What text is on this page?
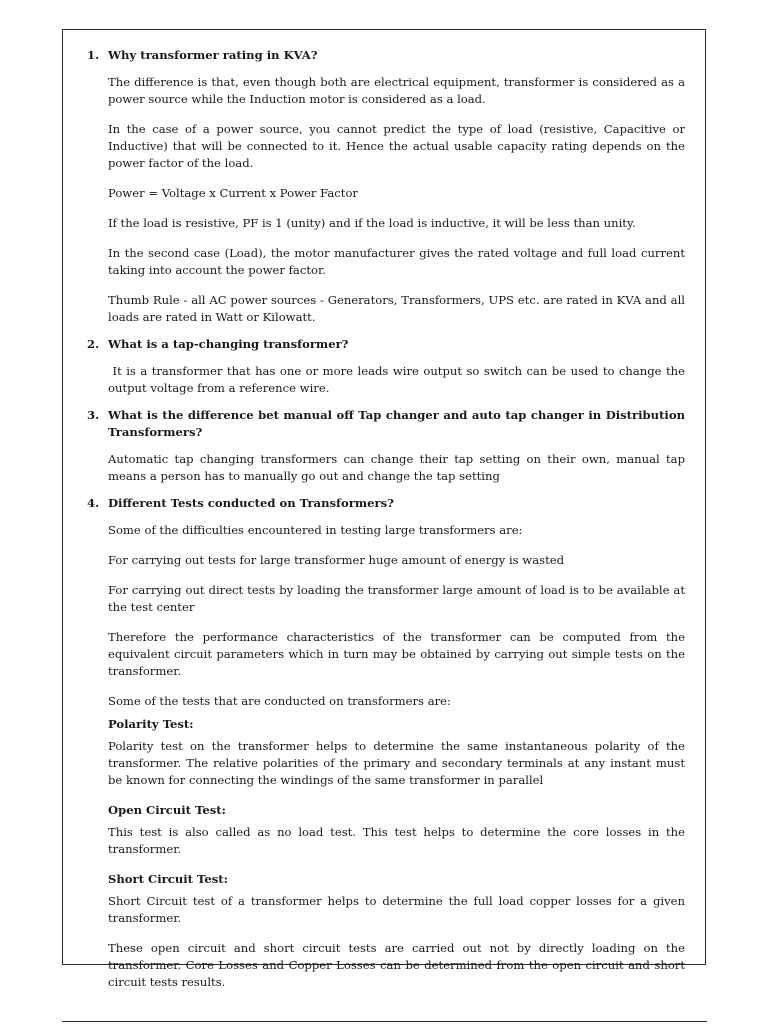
1. Why transformer rating in KVA?

The difference is that, even though both are electrical equipment, transformer is considered as a power source while the Induction motor is considered as a load.

In the case of a power source, you cannot predict the type of load (resistive, Capacitive or Inductive) that will be connected to it. Hence the actual usable capacity rating depends on the power factor of the load.

Power = Voltage x Current x Power Factor

If the load is resistive, PF is 1 (unity) and if the load is inductive, it will be less than unity.

In the second case (Load), the motor manufacturer gives the rated voltage and full load current taking into account the power factor.

Thumb Rule - all AC power sources - Generators, Transformers, UPS etc. are rated in KVA and all loads are rated in Watt or Kilowatt.

2. What is a tap-changing transformer?

It is a transformer that has one or more leads wire output so switch can be used to change the output voltage from a reference wire.

3. What is the difference bet manual off Tap changer and auto tap changer in Distribution Transformers?

Automatic tap changing transformers can change their tap setting on their own, manual tap means a person has to manually go out and change the tap setting

4. Different Tests conducted on Transformers?

Some of the difficulties encountered in testing large transformers are:

For carrying out tests for large transformer huge amount of energy is wasted

For carrying out direct tests by loading the transformer large amount of load is to be available at the test center

Therefore the performance characteristics of the transformer can be computed from the equivalent circuit parameters which in turn may be obtained by carrying out simple tests on the transformer.

Some of the tests that are conducted on transformers are:

Polarity Test:

Polarity test on the transformer helps to determine the same instantaneous polarity of the transformer. The relative polarities of the primary and secondary terminals at any instant must be known for connecting the windings of the same transformer in parallel

Open Circuit Test:

This test is also called as no load test. This test helps to determine the core losses in the transformer.

Short Circuit Test:

Short Circuit test of a transformer helps to determine the full load copper losses for a given transformer.

These open circuit and short circuit tests are carried out not by directly loading on the transformer. Core Losses and Copper Losses can be determined from the open circuit and short circuit tests results.
